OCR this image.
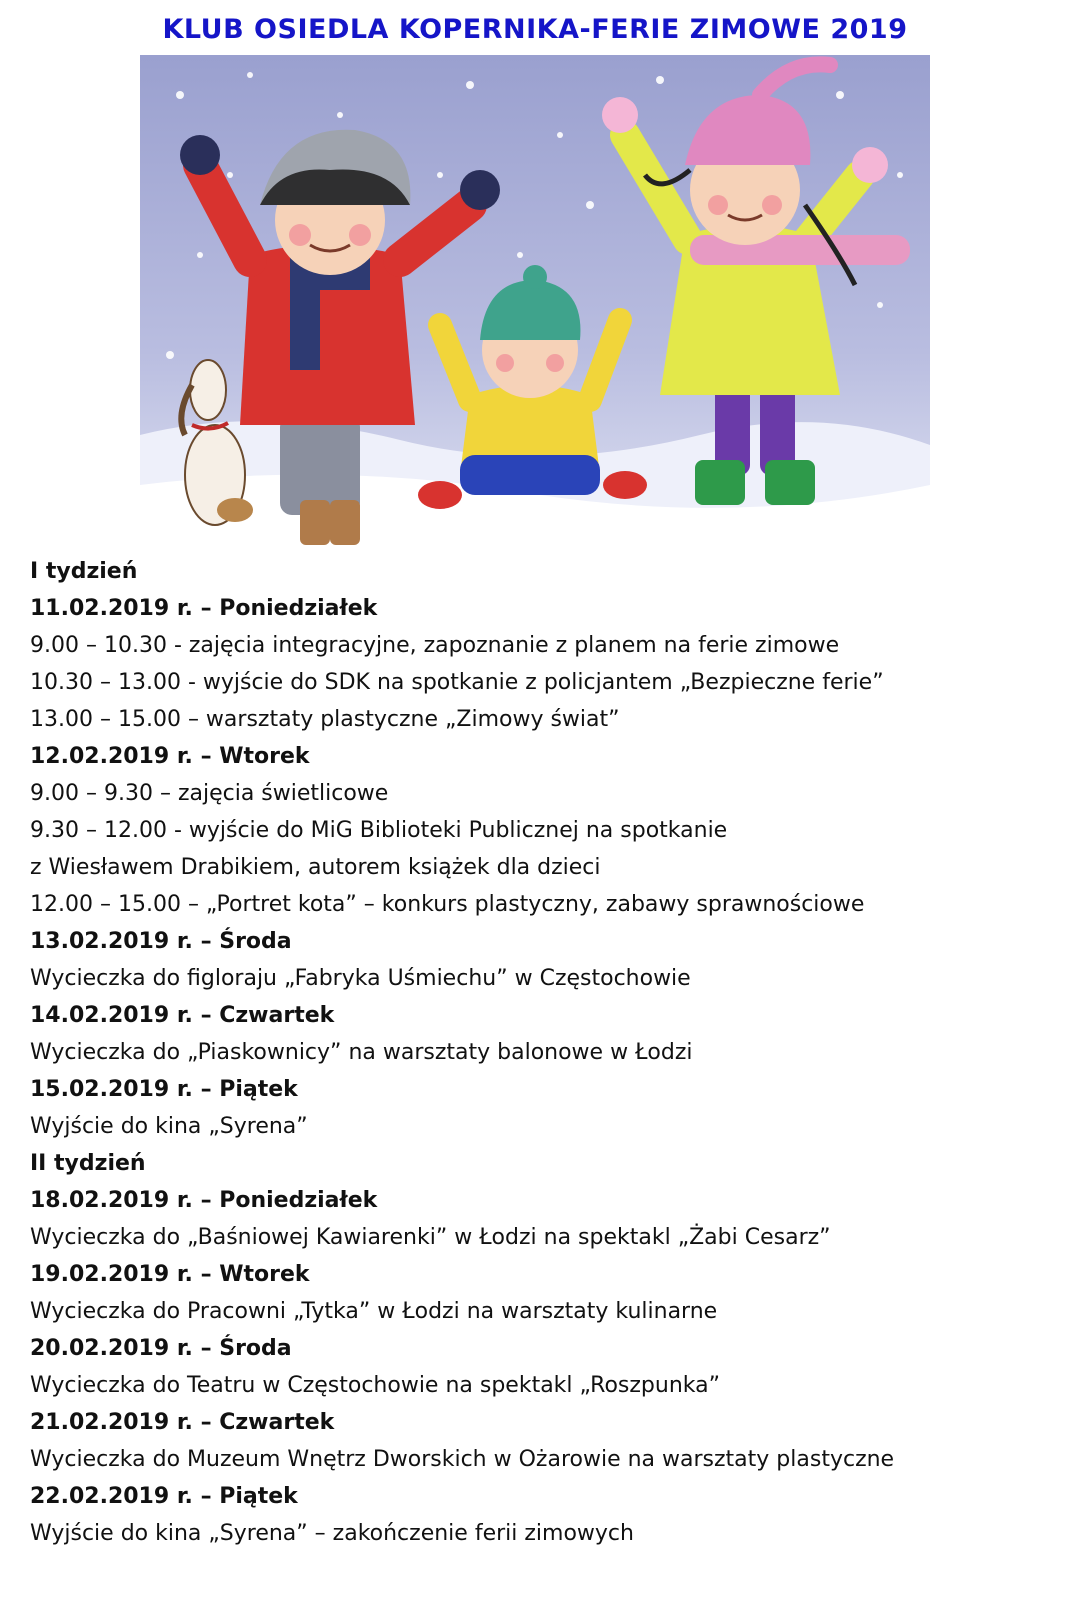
KLUB OSIEDLA KOPERNIKA-FERIE ZIMOWE 2019
I tydzień
11.02.2019 r. – Poniedziałek
9.00 – 10.30 - zajęcia integracyjne, zapoznanie z planem na ferie zimowe
10.30 – 13.00 - wyjście do SDK na spotkanie z policjantem „Bezpieczne ferie”
13.00 – 15.00 – warsztaty plastyczne „Zimowy świat”
12.02.2019 r. – Wtorek
9.00 – 9.30 – zajęcia świetlicowe
9.30 – 12.00 - wyjście do MiG Biblioteki Publicznej na spotkanie
z Wiesławem Drabikiem, autorem książek dla dzieci
12.00 – 15.00 – „Portret kota” – konkurs plastyczny, zabawy sprawnościowe
13.02.2019 r. – Środa
Wycieczka do figloraju „Fabryka Uśmiechu” w Częstochowie
14.02.2019 r. – Czwartek
Wycieczka do „Piaskownicy” na warsztaty balonowe w Łodzi
15.02.2019 r. – Piątek
Wyjście do kina „Syrena”
II tydzień
18.02.2019 r. – Poniedziałek
Wycieczka do „Baśniowej Kawiarenki” w Łodzi na spektakl „Żabi Cesarz”
19.02.2019 r. – Wtorek
Wycieczka do Pracowni „Tytka” w Łodzi na warsztaty kulinarne
20.02.2019 r. – Środa
Wycieczka do Teatru w Częstochowie na spektakl „Roszpunka”
21.02.2019 r. – Czwartek
Wycieczka do Muzeum Wnętrz Dworskich w Ożarowie na warsztaty plastyczne
22.02.2019 r. – Piątek
Wyjście do kina „Syrena” – zakończenie ferii zimowych
